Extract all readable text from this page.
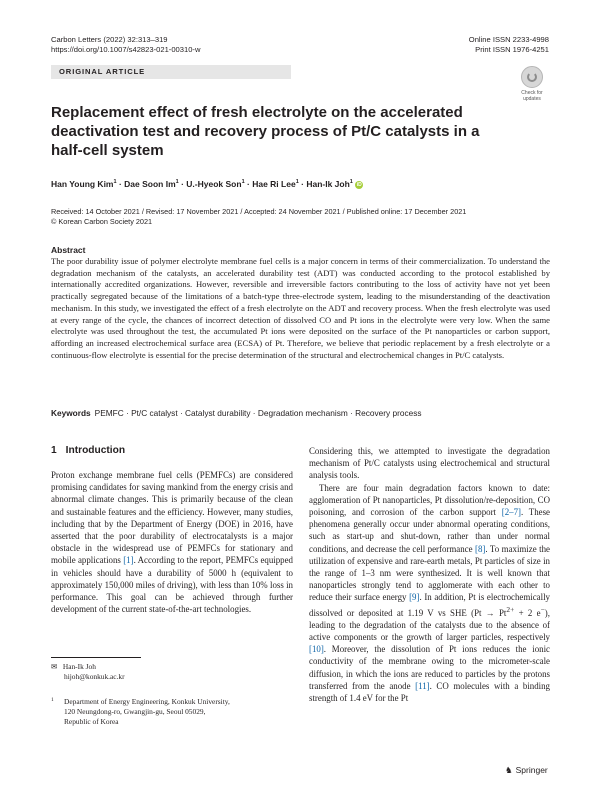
Carbon Letters (2022) 32:313–319
https://doi.org/10.1007/s42823-021-00310-w
Online ISSN 2233-4998
Print ISSN 1976-4251
ORIGINAL ARTICLE
Check for
updates
Replacement effect of fresh electrolyte on the accelerated deactivation test and recovery process of Pt/C catalysts in a half-cell system
Han Young Kim$^1$ · Dae Soon $Im^1$ · U.-Hyeok Son$^1$ · Hae Ri Lee$^1$ · Han-Ik Joh$^1$ iD
Received: 14 October 2021 / Revised: 17 November 2021 / Accepted: 24 November 2021 / Published online: 17 December 2021
© Korean Carbon Society 2021
Abstract
The poor durability issue of polymer electrolyte membrane fuel cells is a major concern in terms of their commercialization. To understand the degradation mechanism of the catalysts, an accelerated durability test (ADT) was conducted according to the protocol established by internationally accredited organizations. However, reversible and irreversible factors contributing to the loss of activity have not yet been practically segregated because of the limitations of a batch-type three-electrode system, leading to the misunderstanding of the deactivation mechanism. In this study, we investigated the effect of a fresh electrolyte on the ADT and recovery process. When the fresh electrolyte was used at every range of the cycle, the chances of incorrect detection of dissolved CO and Pt ions in the electrolyte were very low. When the same electrolyte was used throughout the test, the accumulated Pt ions were deposited on the surface of the Pt nanoparticles or carbon support, affording an increased electrochemical surface area (ECSA) of Pt. Therefore, we believe that periodic replacement by a fresh electrolyte or a continuous-flow electrolyte is essential for the precise determination of the structural and electrochemical changes in Pt/C catalysts.
Keywords PEMFC · Pt/C catalyst · Catalyst durability · Degradation mechanism · Recovery process
1 Introduction

Proton exchange membrane fuel cells (PEMFCs) are considered promising candidates for saving mankind from the energy crisis and abnormal climate changes. This is primarily because of the clean and sustainable features and the efficiency. However, many studies, including that by the Department of Energy (DOE) in 2016, have asserted that the poor durability of electrocatalysts is a major obstacle in the widespread use of PEMFCs for stationary and mobile applications [1]. According to the report, PEMFCs equipped in vehicles should have a durability of 5000 h (equivalent to approximately 150,000 miles of driving), with less than 10% loss in performance. This goal can be achieved through further development of the current state-of-the-art technologies.

Considering this, we attempted to investigate the degradation mechanism of Pt/C catalysts using electrochemical and structural analysis tools.

There are four main degradation factors known to date: agglomeration of Pt nanoparticles, Pt dissolution/re-deposition, CO poisoning, and corrosion of the carbon support [2–7]. These phenomena generally occur under abnormal operating conditions, such as start-up and shut-down, rather than under normal conditions, and decrease the cell performance [8]. To maximize the utilization of expensive and rare-earth metals, Pt particles of size in the range of 1–3 nm were synthesized. It is well known that nanoparticles strongly tend to agglomerate with each other to reduce their surface energy [9]. In addition, Pt is electrochemically dissolved or deposited at 1.19 V vs SHE ($Pt \to Pt^{2+} + 2$ e−), leading to the degradation of the catalysts due to the absence of active components or the growth of larger particles, respectively [10]. Moreover, the dissolution of Pt ions reduces the ionic conductivity of the membrane owing to the micrometer-scale diffusion, in which the ions are reduced to particles by the protons transferred from the anode [11]. CO molecules with a binding strength of 1.4 eV for the Pt

✉ Han-Ik Joh
hijoh@konkuk.ac.kr
1 Department of Energy Engineering, Konkuk University,
120 Neungdong-ro, Gwangjin-gu, Seoul 05029,
Republic of Korea
♞ Springer
